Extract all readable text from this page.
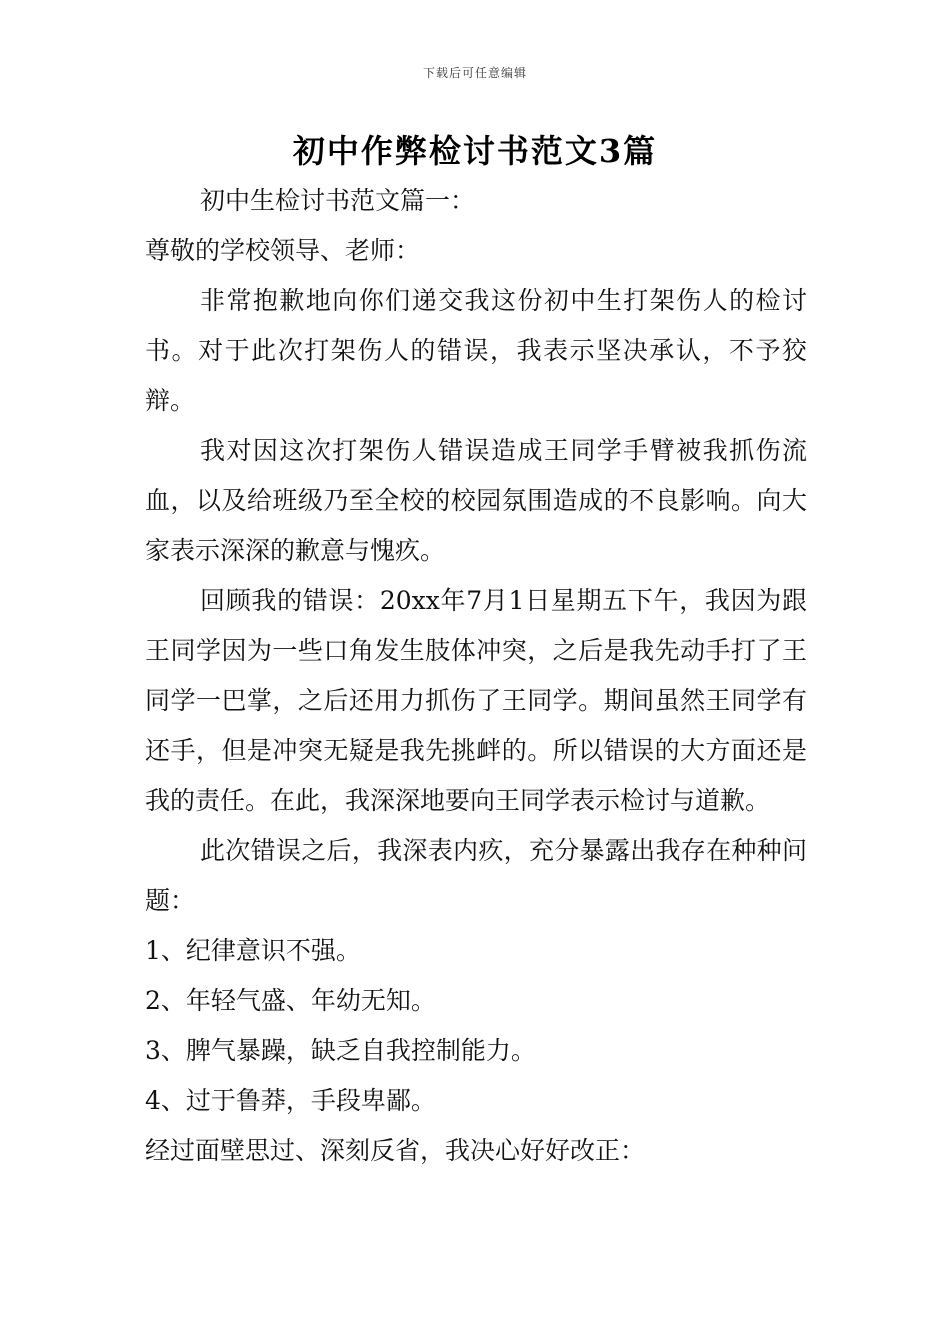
下载后可任意编辑
初中作弊检讨书范文3篇

初中生检讨书范文篇一：

尊敬的学校领导、老师：

非常抱歉地向你们递交我这份初中生打架伤人的检讨书。对于此次打架伤人的错误，我表示坚决承认，不予狡辩。

我对因这次打架伤人错误造成王同学手臂被我抓伤流血，以及给班级乃至全校的校园氛围造成的不良影响。向大家表示深深的歉意与愧疚。

回顾我的错误：20xx年7月1日星期五下午，我因为跟王同学因为一些口角发生肢体冲突，之后是我先动手打了王同学一巴掌，之后还用力抓伤了王同学。期间虽然王同学有还手，但是冲突无疑是我先挑衅的。所以错误的大方面还是我的责任。在此，我深深地要向王同学表示检讨与道歉。

此次错误之后，我深表内疚，充分暴露出我存在种种问题：

1、纪律意识不强。

2、年轻气盛、年幼无知。

3、脾气暴躁，缺乏自我控制能力。

4、过于鲁莽，手段卑鄙。

经过面壁思过、深刻反省，我决心好好改正：
